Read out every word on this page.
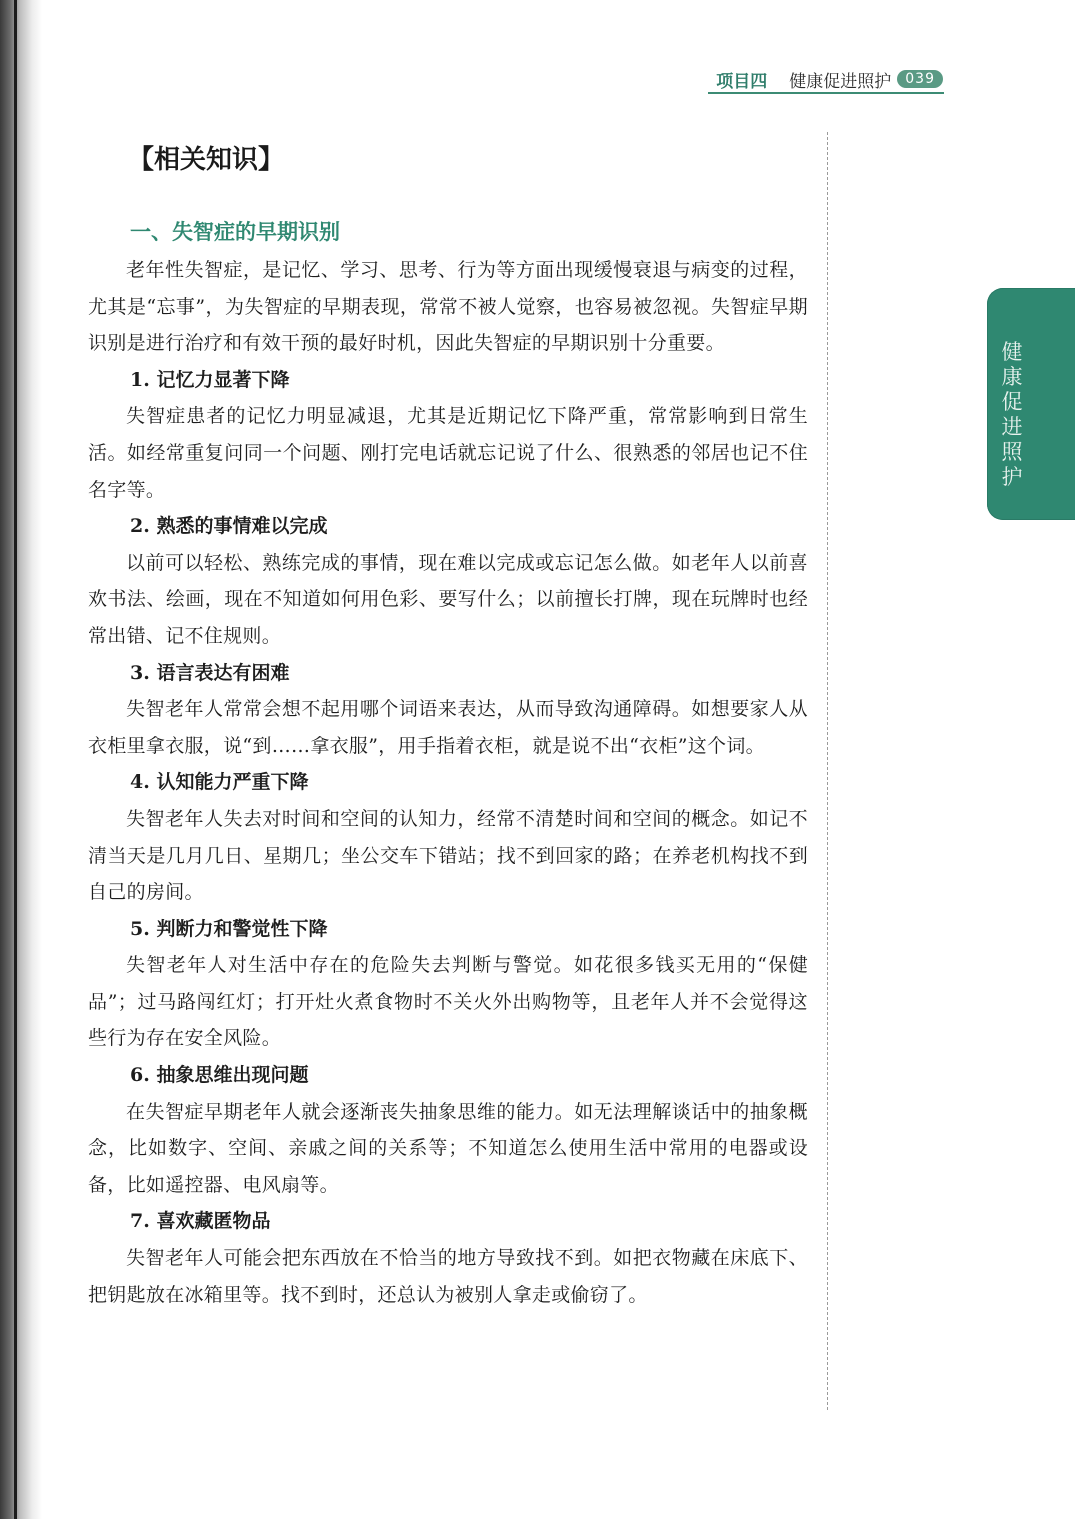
项目四 健康促进照护	039
健康促进照护
【相关知识】
一、失智症的早期识别

老年性失智症，是记忆、学习、思考、行为等方面出现缓慢衰退与病变的过程，尤其是“忘事”，为失智症的早期表现，常常不被人觉察，也容易被忽视。失智症早期识别是进行治疗和有效干预的最好时机，因此失智症的早期识别十分重要。

1. 记忆力显著下降

失智症患者的记忆力明显减退，尤其是近期记忆下降严重，常常影响到日常生活。如经常重复问同一个问题、刚打完电话就忘记说了什么、很熟悉的邻居也记不住名字等。

2. 熟悉的事情难以完成

以前可以轻松、熟练完成的事情，现在难以完成或忘记怎么做。如老年人以前喜欢书法、绘画，现在不知道如何用色彩、要写什么；以前擅长打牌，现在玩牌时也经常出错、记不住规则。

3. 语言表达有困难

失智老年人常常会想不起用哪个词语来表达，从而导致沟通障碍。如想要家人从衣柜里拿衣服，说“到……拿衣服”，用手指着衣柜，就是说不出“衣柜”这个词。

4. 认知能力严重下降

失智老年人失去对时间和空间的认知力，经常不清楚时间和空间的概念。如记不清当天是几月几日、星期几；坐公交车下错站；找不到回家的路；在养老机构找不到自己的房间。

5. 判断力和警觉性下降

失智老年人对生活中存在的危险失去判断与警觉。如花很多钱买无用的“保健品”；过马路闯红灯；打开灶火煮食物时不关火外出购物等，且老年人并不会觉得这些行为存在安全风险。

6. 抽象思维出现问题

在失智症早期老年人就会逐渐丧失抽象思维的能力。如无法理解谈话中的抽象概念，比如数字、空间、亲戚之间的关系等；不知道怎么使用生活中常用的电器或设备，比如遥控器、电风扇等。

7. 喜欢藏匿物品

失智老年人可能会把东西放在不恰当的地方导致找不到。如把衣物藏在床底下、把钥匙放在冰箱里等。找不到时，还总认为被别人拿走或偷窃了。
